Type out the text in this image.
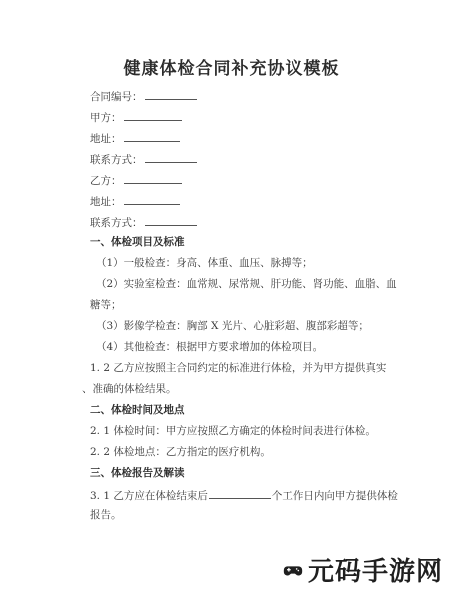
健康体检合同补充协议模板
合同编号：
甲方：
地址：
联系方式：
乙方：
地址：
联系方式：
一、体检项目及标准
（1）一般检查：身高、体重、血压、脉搏等；
（2）实验室检查：血常规、尿常规、肝功能、肾功能、血脂、血
糖等；
（3）影像学检查：胸部 X 光片、心脏彩超、腹部彩超等；
（4）其他检查：根据甲方要求增加的体检项目。
1. 2 乙方应按照主合同约定的标准进行体检，并为甲方提供真实
、准确的体检结果。
二、体检时间及地点
2. 1 体检时间：甲方应按照乙方确定的体检时间表进行体检。
2. 2 体检地点：乙方指定的医疗机构。
三、体检报告及解读
3. 1 乙方应在体检结束后	个工作日内向甲方提供体检
报告。
元码手游网
